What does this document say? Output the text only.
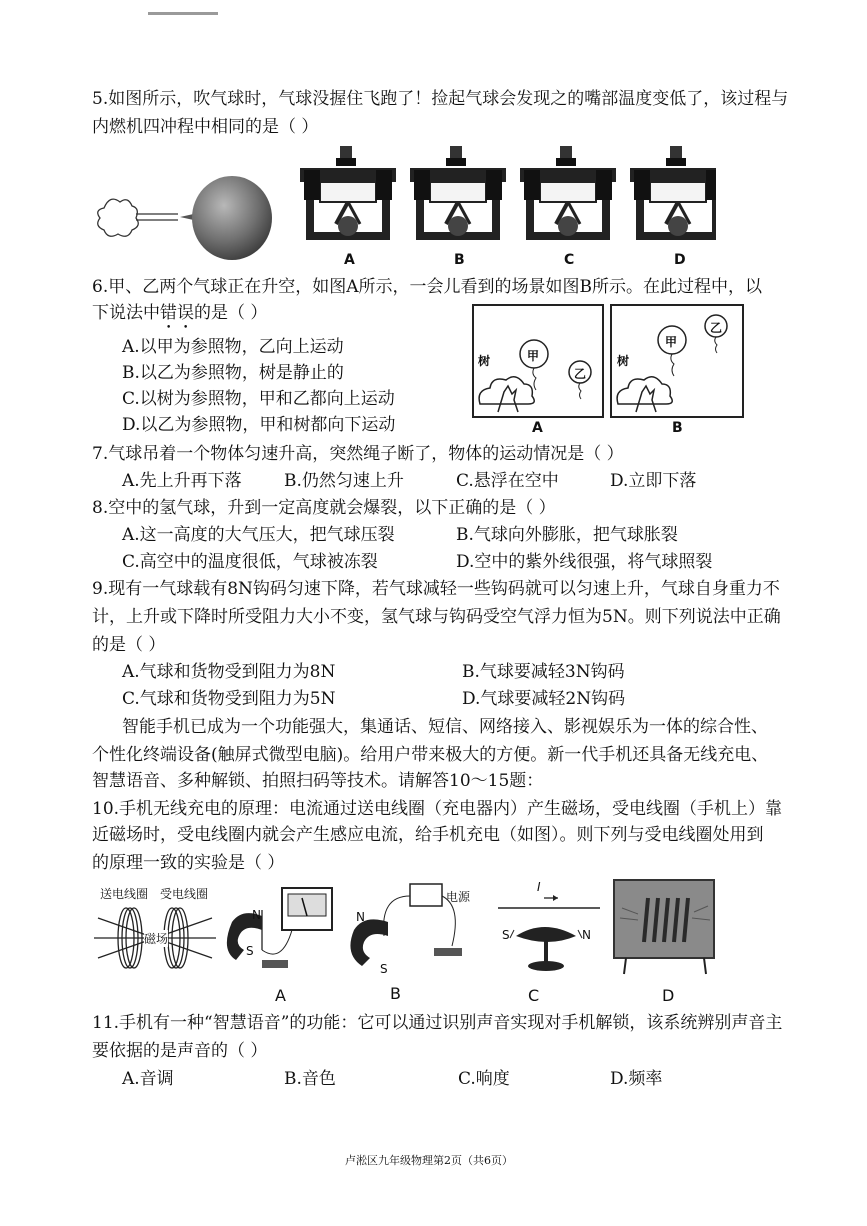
5.如图所示，吹气球时，气球没握住飞跑了！捡起气球会发现之的嘴部温度变低了，该过程与
内燃机四冲程中相同的是（ ）
A	B	C	D
6.甲、乙两个气球正在升空，如图A所示，一会儿看到的场景如图B所示。在此过程中，以
下说法中错误的是（ ）
A.以甲为参照物，乙向上运动
B.以乙为参照物，树是静止的
C.以树为参照物，甲和乙都向上运动
D.以乙为参照物，甲和树都向下运动
树	甲
乙
A
树
甲
乙
B
7.气球吊着一个物体匀速升高，突然绳子断了，物体的运动情况是（ ）
A.先上升再下落 B.仍然匀速上升	C.悬浮在空中	D.立即下落
8.空中的氢气球，升到一定高度就会爆裂，以下正确的是（ ）
A.这一高度的大气压大，把气球压裂	B.气球向外膨胀，把气球胀裂
C.高空中的温度很低，气球被冻裂	D.空中的紫外线很强，将气球照裂
9.现有一气球载有8N钩码匀速下降，若气球减轻一些钩码就可以匀速上升，气球自身重力不
计，上升或下降时所受阻力大小不变，氢气球与钩码受空气浮力恒为5N。则下列说法中正确
的是（ ）
A.气球和货物受到阻力为8N	B.气球要减轻3N钩码
C.气球和货物受到阻力为5N	D.气球要减轻2N钩码
智能手机已成为一个功能强大，集通话、短信、网络接入、影视娱乐为一体的综合性、
个性化终端设备(触屏式微型电脑)。给用户带来极大的方便。新一代手机还具备无线充电、
智慧语音、多种解锁、拍照扫码等技术。请解答10～15题：
10.手机无线充电的原理：电流通过送电线圈（充电器内）产生磁场，受电线圈（手机上）靠
近磁场时，受电线圈内就会产生感应电流，给手机充电（如图）。则下列与受电线圈处用到
的原理一致的实验是（ ）
送电线圈 受电线圈
磁场
N
S
电源
N
S
I
S	N
A	B	C	D
11.手机有一种“智慧语音”的功能：它可以通过识别声音实现对手机解锁，该系统辨别声音主
要依据的是声音的（ ）
A.音调	B.音色	C.响度	D.频率
卢淞区九年级物理第2页（共6页）
